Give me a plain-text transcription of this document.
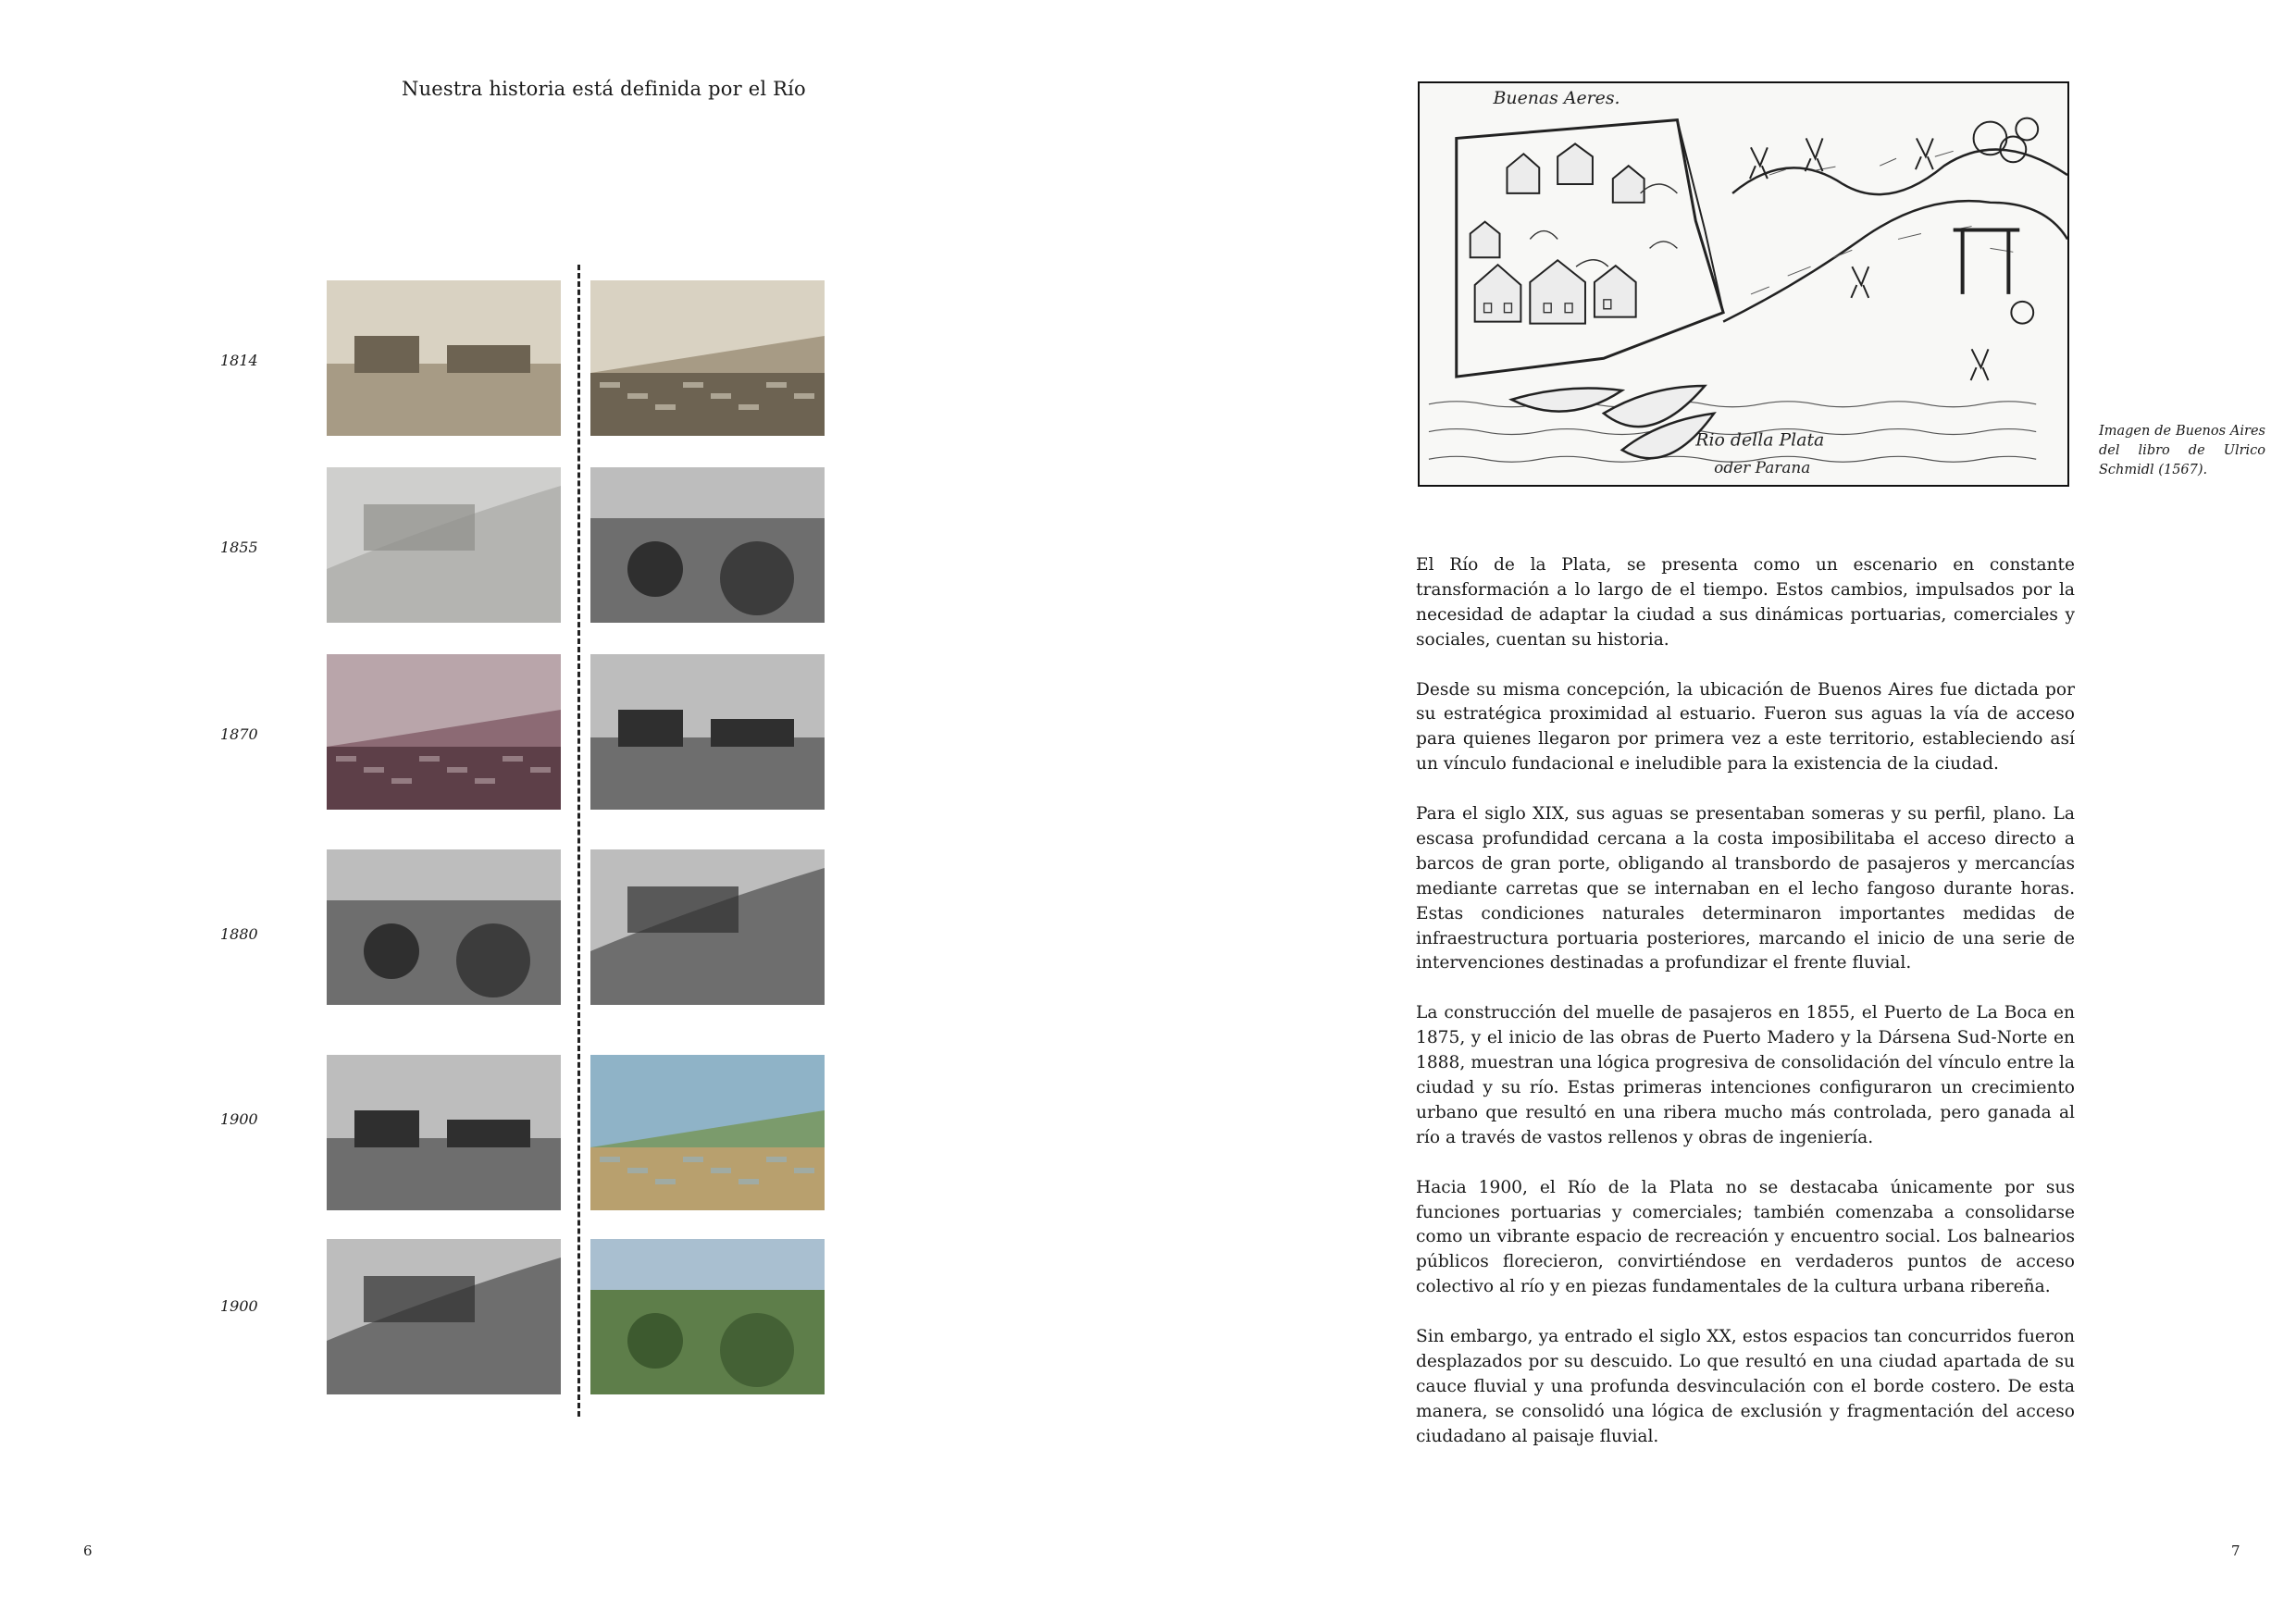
Nuestra historia está definida por el Río
1814
1855
1870
1880
1900
1900
6
Buenas Aeres.
Rio della Plata
oder Parana
Imagen de Buenos Aires del libro de Ulrico Schmidl (1567).

El Río de la Plata, se presenta como un escenario en constante transformación a lo largo de el tiempo. Estos cambios, impulsados por la necesidad de adaptar la ciudad a sus dinámicas portuarias, comerciales y sociales, cuentan su historia.

Desde su misma concepción, la ubicación de Buenos Aires fue dictada por su estratégica proximidad al estuario. Fueron sus aguas la vía de acceso para quienes llegaron por primera vez a este territorio, estableciendo así un vínculo fundacional e ineludible para la existencia de la ciudad.

Para el siglo XIX, sus aguas se presentaban someras y su perfil, plano. La escasa profundidad cercana a la costa imposibilitaba el acceso directo a barcos de gran porte, obligando al transbordo de pasajeros y mercancías mediante carretas que se internaban en el lecho fangoso durante horas. Estas condiciones naturales determinaron importantes medidas de infraestructura portuaria posteriores, marcando el inicio de una serie de intervenciones destinadas a profundizar el frente fluvial.

La construcción del muelle de pasajeros en 1855, el Puerto de La Boca en 1875, y el inicio de las obras de Puerto Madero y la Dársena Sud-Norte en 1888, muestran una lógica progresiva de consolidación del vínculo entre la ciudad y su río. Estas primeras intenciones configuraron un crecimiento urbano que resultó en una ribera mucho más controlada, pero ganada al río a través de vastos rellenos y obras de ingeniería.

Hacia 1900, el Río de la Plata no se destacaba únicamente por sus funciones portuarias y comerciales; también comenzaba a consolidarse como un vibrante espacio de recreación y encuentro social. Los balnearios públicos florecieron, convirtiéndose en verdaderos puntos de acceso colectivo al río y en piezas fundamentales de la cultura urbana ribereña.

Sin embargo, ya entrado el siglo XX, estos espacios tan concurridos fueron desplazados por su descuido. Lo que resultó en una ciudad apartada de su cauce fluvial y una profunda desvinculación con el borde costero. De esta manera, se consolidó una lógica de exclusión y fragmentación del acceso ciudadano al paisaje fluvial.

7
